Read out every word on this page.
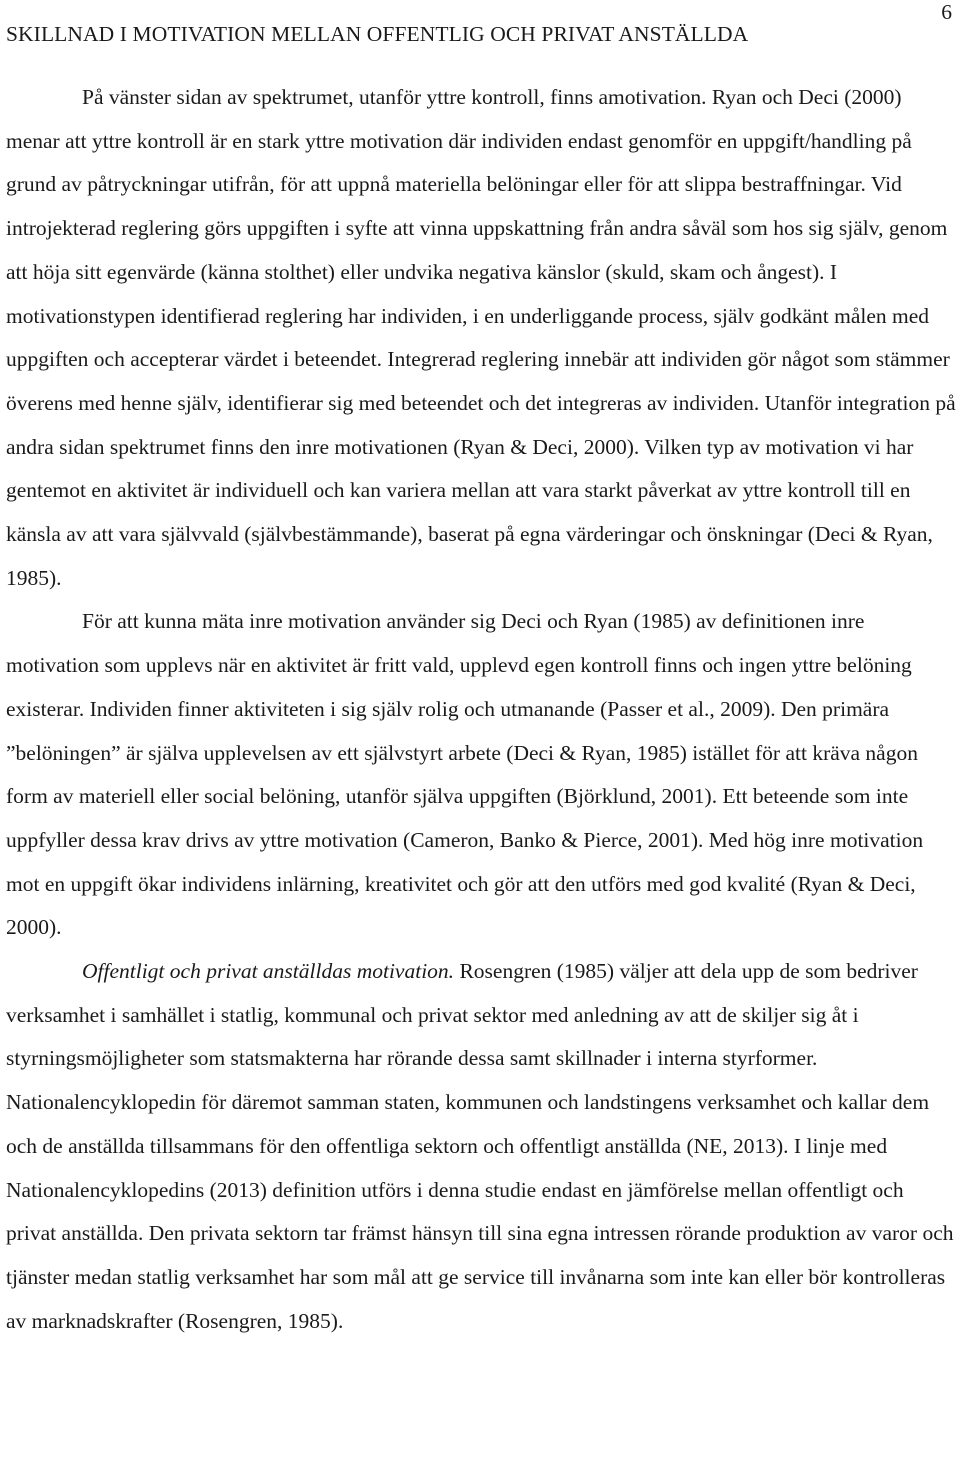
SKILLNAD I MOTIVATION MELLAN OFFENTLIG OCH PRIVAT ANSTÄLLDA
6

På vänster sidan av spektrumet, utanför yttre kontroll, finns amotivation. Ryan och Deci (2000) menar att yttre kontroll är en stark yttre motivation där individen endast genomför en uppgift/handling på grund av påtryckningar utifrån, för att uppnå materiella belöningar eller för att slippa bestraffningar. Vid introjekterad reglering görs uppgiften i syfte att vinna uppskattning från andra såväl som hos sig själv, genom att höja sitt egenvärde (känna stolthet) eller undvika negativa känslor (skuld, skam och ångest). I motivationstypen identifierad reglering har individen, i en underliggande process, själv godkänt målen med uppgiften och accepterar värdet i beteendet. Integrerad reglering innebär att individen gör något som stämmer överens med henne själv, identifierar sig med beteendet och det integreras av individen. Utanför integration på andra sidan spektrumet finns den inre motivationen (Ryan & Deci, 2000). Vilken typ av motivation vi har gentemot en aktivitet är individuell och kan variera mellan att vara starkt påverkat av yttre kontroll till en känsla av att vara självvald (självbestämmande), baserat på egna värderingar och önskningar (Deci & Ryan, 1985).

För att kunna mäta inre motivation använder sig Deci och Ryan (1985) av definitionen inre motivation som upplevs när en aktivitet är fritt vald, upplevd egen kontroll finns och ingen yttre belöning existerar. Individen finner aktiviteten i sig själv rolig och utmanande (Passer et al., 2009). Den primära ”belöningen” är själva upplevelsen av ett självstyrt arbete (Deci & Ryan, 1985) istället för att kräva någon form av materiell eller social belöning, utanför själva uppgiften (Björklund, 2001). Ett beteende som inte uppfyller dessa krav drivs av yttre motivation (Cameron, Banko & Pierce, 2001). Med hög inre motivation mot en uppgift ökar individens inlärning, kreativitet och gör att den utförs med god kvalité (Ryan & Deci, 2000).

Offentligt och privat anställdas motivation. Rosengren (1985) väljer att dela upp de som bedriver verksamhet i samhället i statlig, kommunal och privat sektor med anledning av att de skiljer sig åt i styrningsmöjligheter som statsmakterna har rörande dessa samt skillnader i interna styrformer. Nationalencyklopedin för däremot samman staten, kommunen och landstingens verksamhet och kallar dem och de anställda tillsammans för den offentliga sektorn och offentligt anställda (NE, 2013). I linje med Nationalencyklopedins (2013) definition utförs i denna studie endast en jämförelse mellan offentligt och privat anställda. Den privata sektorn tar främst hänsyn till sina egna intressen rörande produktion av varor och tjänster medan statlig verksamhet har som mål att ge service till invånarna som inte kan eller bör kontrolleras av marknadskrafter (Rosengren, 1985).
